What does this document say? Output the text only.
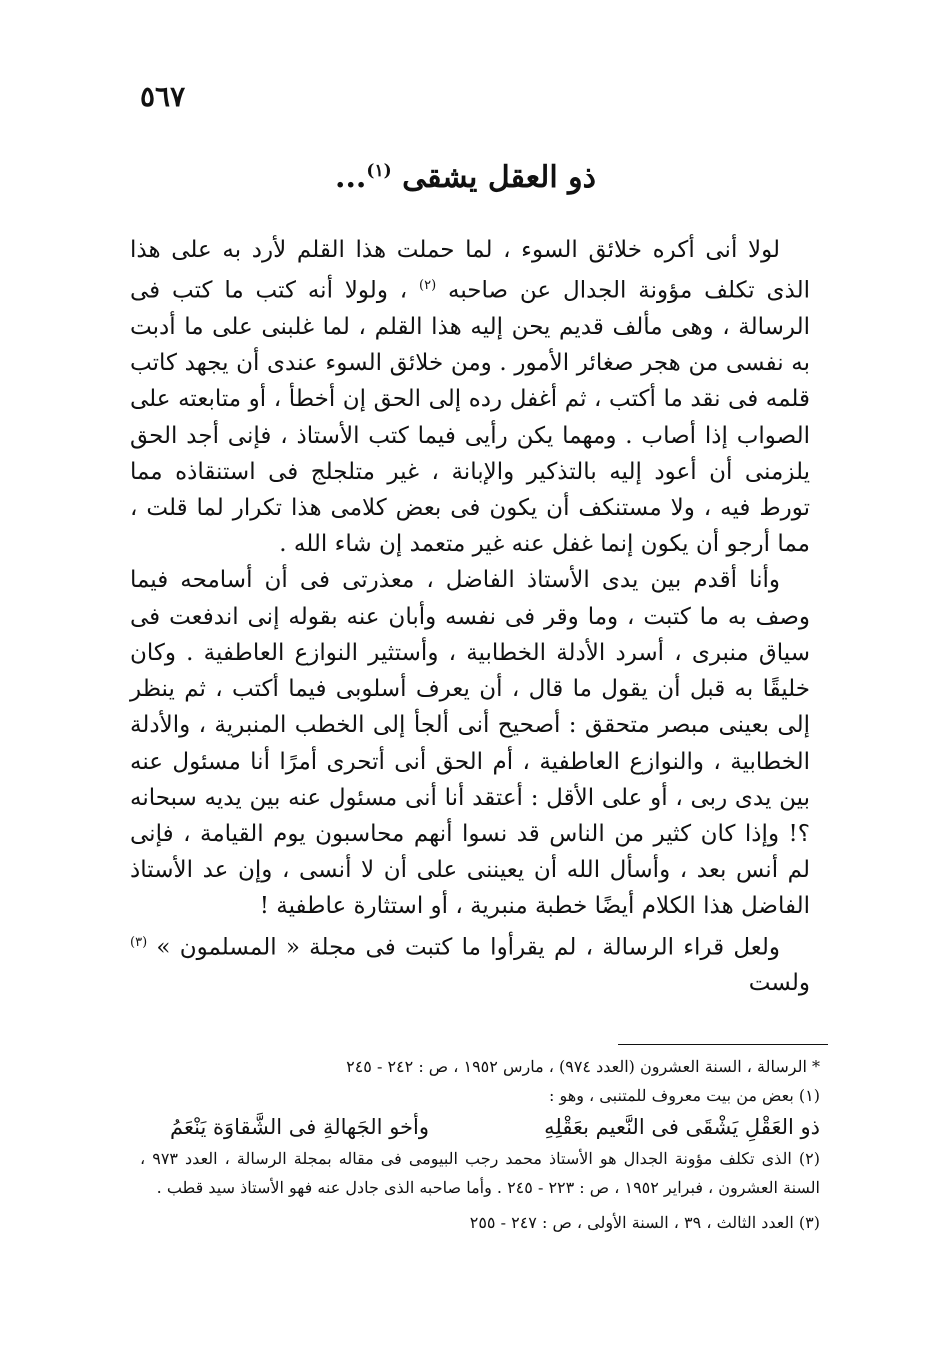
٥٦٧
ذو العقل يشقى $^{(١)}$...

لولا أنى أكره خلائق السوء ، لما حملت هذا القلم لأرد به على هذا الذى تكلف مؤونة الجدال عن صاحبه $^{(٢)}$ ، ولولا أنه كتب ما كتب فى الرسالة ، وهى مألف قديم يحن إليه هذا القلم ، لما غلبنى على ما أدبت به نفسى من هجر صغائر الأمور . ومن خلائق السوء عندى أن يجهد كاتب قلمه فى نقد ما أكتب ، ثم أغفل رده إلى الحق إن أخطأ ، أو متابعته على الصواب إذا أصاب . ومهما يكن رأيى فيما كتب الأستاذ ، فإنى أجد الحق يلزمنى أن أعود إليه بالتذكير والإبانة ، غير متلجلج فى استنقاذه مما تورط فيه ، ولا مستنكف أن يكون فى بعض كلامى هذا تكرار لما قلت ، مما أرجو أن يكون إنما غفل عنه غير متعمد إن شاء الله .

وأنا أقدم بين يدى الأستاذ الفاضل ، معذرتى فى أن أسامحه فيما وصف به ما كتبت ، وما وقر فى نفسه وأبان عنه بقوله إنى اندفعت فى سياق منبرى ، أسرد الأدلة الخطابية ، وأستثير النوازع العاطفية . وكان خليقًا به قبل أن يقول ما قال ، أن يعرف أسلوبى فيما أكتب ، ثم ينظر إلى بعينى مبصر متحقق : أصحيح أنى ألجأ إلى الخطب المنبرية ، والأدلة الخطابية ، والنوازع العاطفية ، أم الحق أنى أتحرى أمرًا أنا مسئول عنه بين يدى ربى ، أو على الأقل : أعتقد أنا أنى مسئول عنه بين يديه سبحانه ؟! وإذا كان كثير من الناس قد نسوا أنهم محاسبون يوم القيامة ، فإنى لم أنس بعد ، وأسأل الله أن يعيننى على أن لا أنسى ، وإن عد الأستاذ الفاضل هذا الكلام أيضًا خطبة منبرية ، أو استثارة عاطفية !

ولعل قراء الرسالة ، لم يقرأوا ما كتبت فى مجلة « المسلمون » $^{(٣)}$ ولست

* الرسالة ، السنة العشرون (العدد ٩٧٤) ، مارس ١٩٥٢ ، ص : ٢٤٢ - ٢٤٥

(١) بعض من بيت معروف للمتنبى ، وهو :

ذو العَقْلِ يَشْقَى فى النَّعيم بعَقْلِهِ
وأخو الجَهالةِ فى الشَّقاوَة يَنْعَمُ

(٢) الذى تكلف مؤونة الجدال هو الأستاذ محمد رجب البيومى فى مقاله بمجلة الرسالة ، العدد ٩٧٣ ، السنة العشرون ، فبراير ١٩٥٢ ، ص : ٢٢٣ - ٢٤٥ . وأما صاحبه الذى جادل عنه فهو الأستاذ سيد قطب .

(٣) العدد الثالث ، ٣٩ ، السنة الأولى ، ص : ٢٤٧ - ٢٥٥
